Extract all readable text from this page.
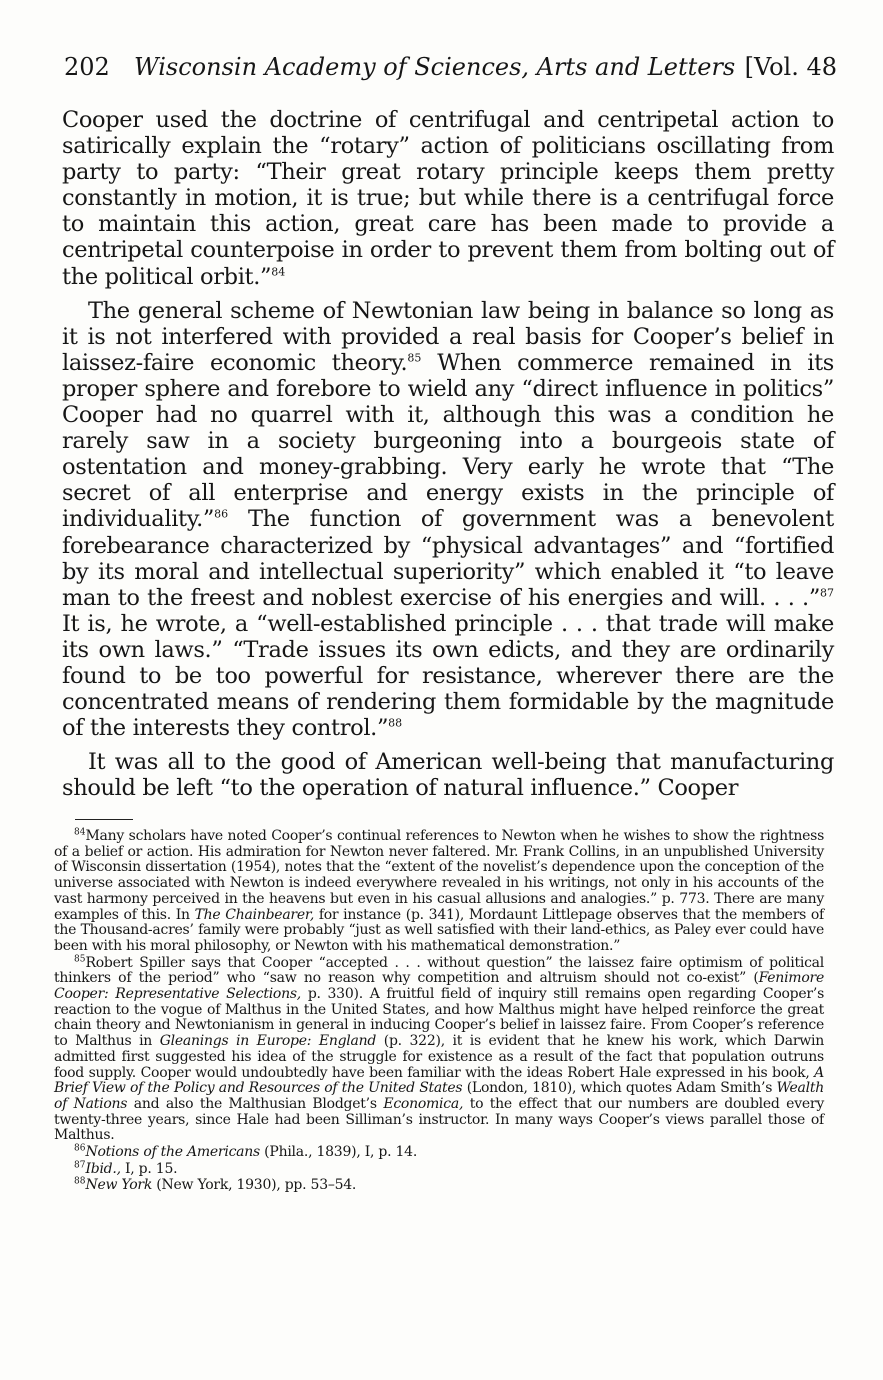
202 Wisconsin Academy of Sciences, Arts and Letters [Vol. 48

Cooper used the doctrine of centrifugal and centripetal action to satirically explain the “rotary” action of politicians oscillating from party to party: “Their great rotary principle keeps them pretty constantly in motion, it is true; but while there is a centrifugal force to maintain this action, great care has been made to provide a centripetal counterpoise in order to prevent them from bolting out of the political orbit.”$^{84}$

The general scheme of Newtonian law being in balance so long as it is not interfered with provided a real basis for Cooper’s belief in laissez-faire economic theory.$^{85}$ When commerce remained in its proper sphere and forebore to wield any “direct influence in politics” Cooper had no quarrel with it, although this was a condition he rarely saw in a society burgeoning into a bourgeois state of ostentation and money-grabbing. Very early he wrote that “The secret of all enterprise and energy exists in the principle of individuality.”$^{86}$ The function of government was a benevolent forebearance characterized by “physical advantages” and “fortified by its moral and intellectual superiority” which enabled it “to leave man to the freest and noblest exercise of his energies and will. . . .”$^{87}$ It is, he wrote, a “well-established principle . . . that trade will make its own laws.” “Trade issues its own edicts, and they are ordinarily found to be too powerful for resistance, wherever there are the concentrated means of rendering them formidable by the magnitude of the interests they control.”$^{88}$

It was all to the good of American well-being that manufacturing should be left “to the operation of natural influence.” Cooper

$^{84}$Many scholars have noted Cooper’s continual references to Newton when he wishes to show the rightness of a belief or action. His admiration for Newton never faltered. Mr. Frank Collins, in an unpublished University of Wisconsin dissertation (1954), notes that the “extent of the novelist’s dependence upon the conception of the universe associated with Newton is indeed everywhere revealed in his writings, not only in his accounts of the vast harmony perceived in the heavens but even in his casual allusions and analogies.” p. 773. There are many examples of this. In The Chainbearer, for instance (p. 341), Mordaunt Littlepage observes that the members of the Thousand-acres’ family were probably “just as well satisfied with their land-ethics, as Paley ever could have been with his moral philosophy, or Newton with his mathematical demonstration.”

$^{85}$Robert Spiller says that Cooper “accepted . . . without question” the laissez faire optimism of political thinkers of the period” who “saw no reason why competition and altruism should not co-exist” (Fenimore Cooper: Representative Selections, p. 330). A fruitful field of inquiry still remains open regarding Cooper’s reaction to the vogue of Malthus in the United States, and how Malthus might have helped reinforce the great chain theory and Newtonianism in general in inducing Cooper’s belief in laissez faire. From Cooper’s reference to Malthus in Gleanings in Europe: England (p. 322), it is evident that he knew his work, which Darwin admitted first suggested his idea of the struggle for existence as a result of the fact that population outruns food supply. Cooper would undoubtedly have been familiar with the ideas Robert Hale expressed in his book, A Brief View of the Policy and Resources of the United States (London, 1810), which quotes Adam Smith’s Wealth of Nations and also the Malthusian Blodget’s Economica, to the effect that our numbers are doubled every twenty-three years, since Hale had been Silliman’s instructor. In many ways Cooper’s views parallel those of Malthus.

$^{86}$Notions of the Americans (Phila., 1839), I, p. 14.

$^{87}$Ibid., I, p. 15.

$^{88}$New York (New York, 1930), pp. 53–54.
